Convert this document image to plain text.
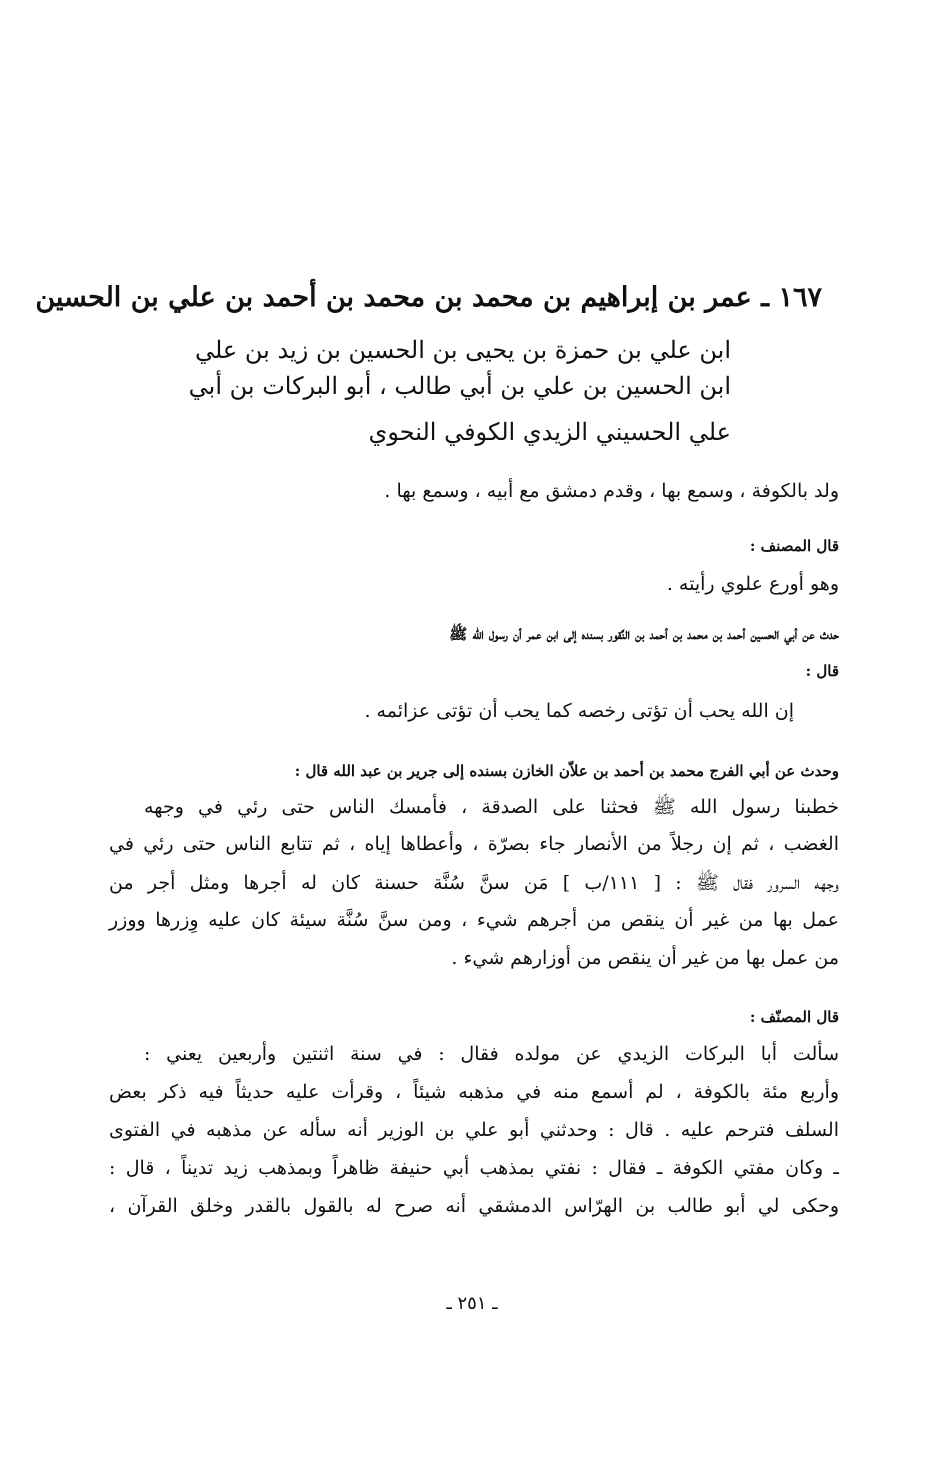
١٦٧ ـ عمر بن إبراهيم بن محمد بن محمد بن أحمد بن علي بن الحسين
ابن علي بن حمزة بن يحيى بن الحسين بن زيد بن علي
ابن الحسين بن علي بن أبي طالب ، أبو البركات بن أبي
علي الحسيني الزيدي الكوفي النحوي
ولد بالكوفة ، وسمع بها ، وقدم دمشق مع أبيه ، وسمع بها .
قال المصنف :
وهو أورع علوي رأيته .
حدث عن أبي الحسين أحمد بن محمد بن أحمد بن النَّقور بسنده إلى ابن عمر أن رسول الله ﷺ
قال :
إن الله يحب أن تؤتى رخصه كما يحب أن تؤتى عزائمه .
وحدث عن أبي الفرج محمد بن أحمد بن علاّن الخازن بسنده إلى جرير بن عبد الله قال :
خطبنا رسول الله ﷺ فحثنا على الصدقة ، فأمسك الناس حتى رئي في وجهه
الغضب ، ثم إن رجلاً من الأنصار جاء بصرّة ، وأعطاها إياه ، ثم تتابع الناس حتى رئي في
وجهه السرور فقال ﷺ : [ ١١١/ب ] مَن سنَّ سُنَّة حسنة كان له أجرها ومثل أجر من
عمل بها من غير أن ينقص من أجرهم شيء ، ومن سنَّ سُنَّة سيئة كان عليه وِزرها ووزر
من عمل بها من غير أن ينقص من أوزارهم شيء .
قال المصنّف :
سألت أبا البركات الزيدي عن مولده فقال : في سنة اثنتين وأربعين يعني :
وأربع مئة بالكوفة ، لم أسمع منه في مذهبه شيئاً ، وقرأت عليه حديثاً فيه ذكر بعض
السلف فترحم عليه . قال : وحدثني أبو علي بن الوزير أنه سأله عن مذهبه في الفتوى
ـ وكان مفتي الكوفة ـ فقال : نفتي بمذهب أبي حنيفة ظاهراً وبمذهب زيد تديناً ، قال :
وحكى لي أبو طالب بن الهرّاس الدمشقي أنه صرح له بالقول بالقدر وخلق القرآن ،
ـ ٢٥١ ـ
